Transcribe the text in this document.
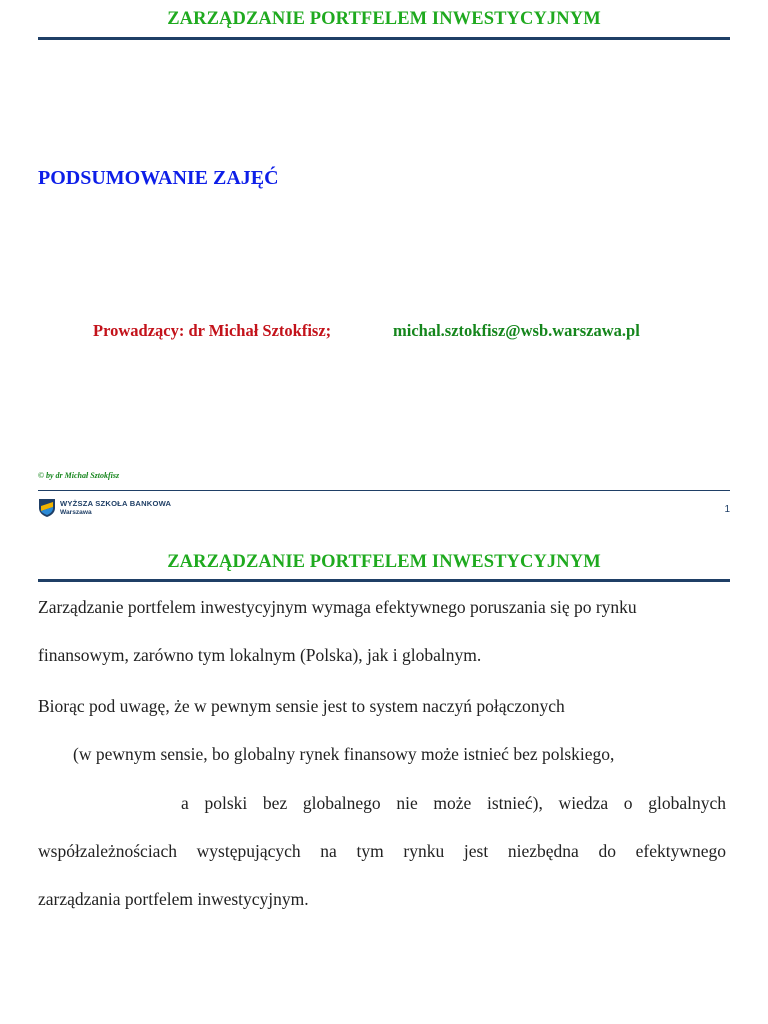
ZARZĄDZANIE PORTFELEM INWESTYCYJNYM
PODSUMOWANIE ZAJĘĆ
Prowadzący: dr Michał Sztokfisz;	michal.sztokfisz@wsb.warszawa.pl
© by dr Michał Sztokfisz
WYŻSZA SZKOŁA BANKOWA
Warszawa	1
ZARZĄDZANIE PORTFELEM INWESTYCYJNYM
Zarządzanie portfelem inwestycyjnym wymaga efektywnego poruszania się po rynku
finansowym, zarówno tym lokalnym (Polska), jak i globalnym.
Biorąc pod uwagę, że w pewnym sensie jest to system naczyń połączonych
(w pewnym sensie, bo globalny rynek finansowy może istnieć bez polskiego,
a polski bez globalnego nie może istnieć), wiedza o globalnych
współzależnościach występujących na tym rynku jest niezbędna do efektywnego
zarządzania portfelem inwestycyjnym.
